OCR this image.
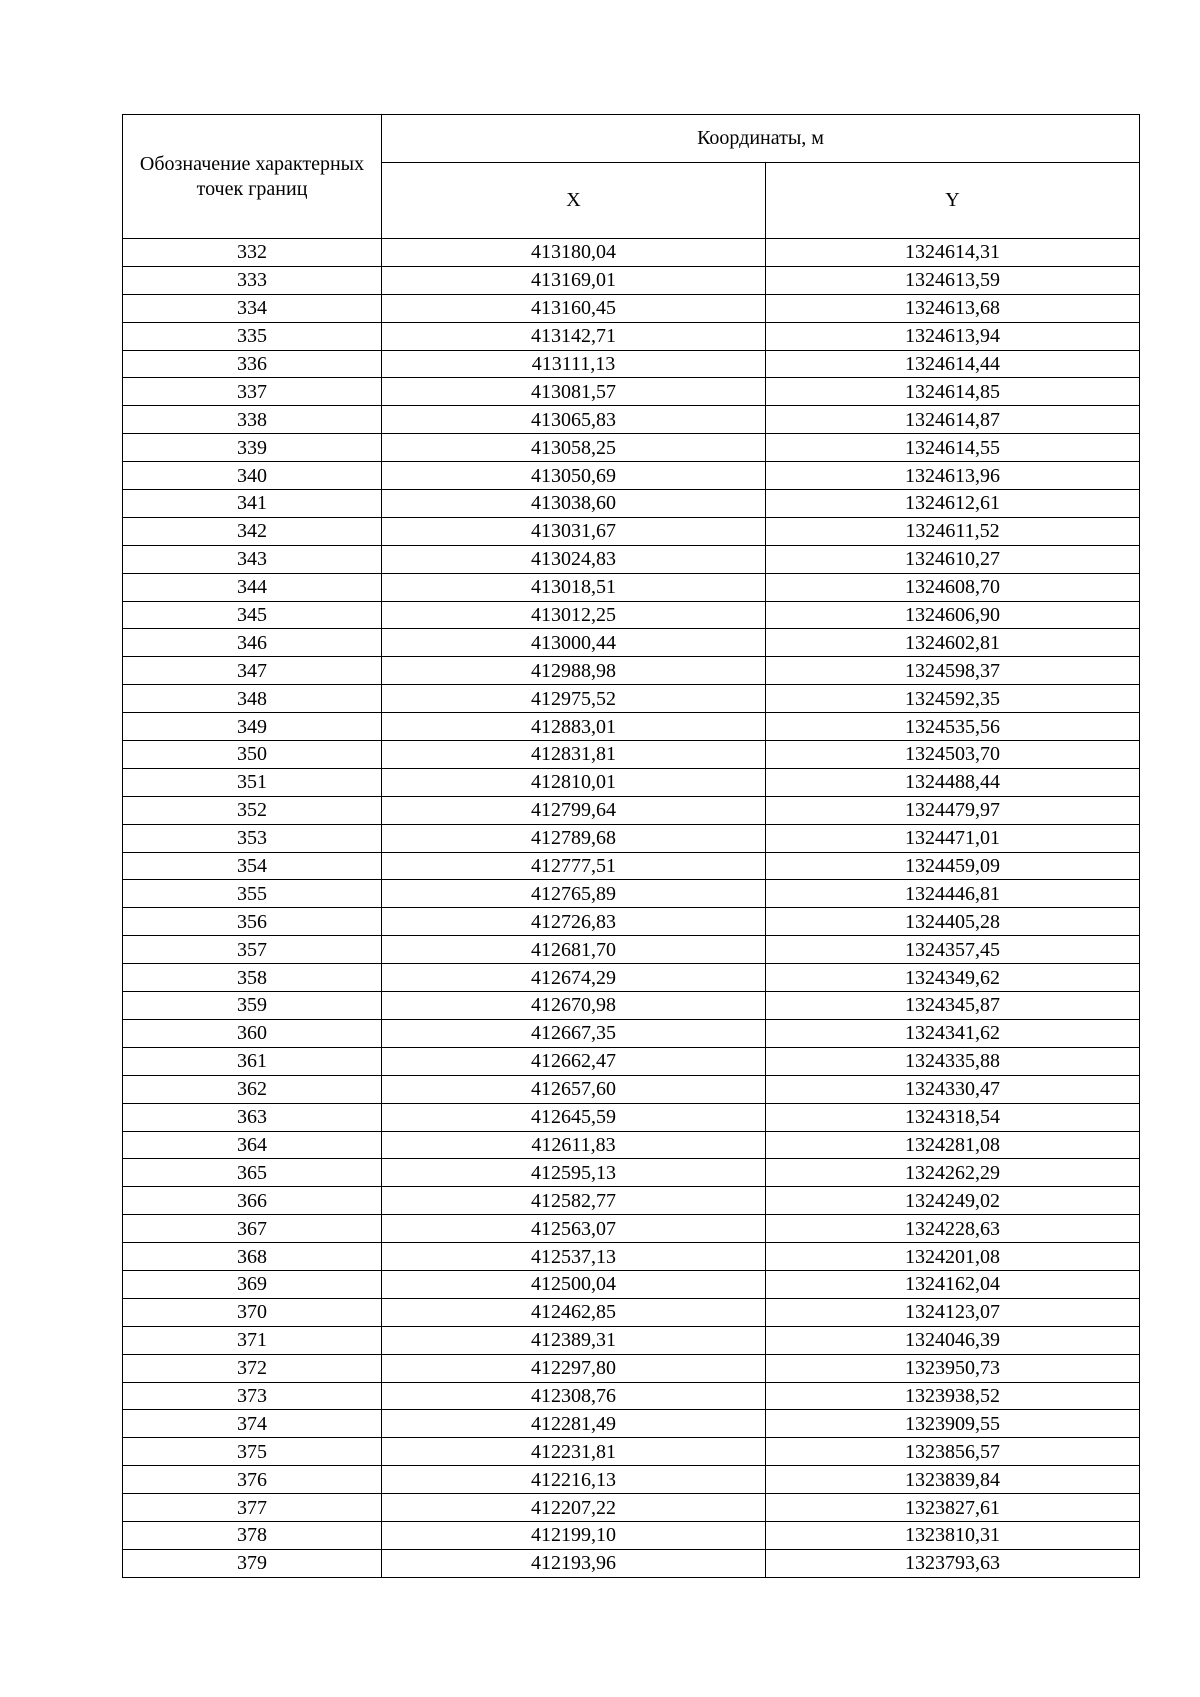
Обозначение характерных точек границ	Координаты, м	
	X	Y
332	413180,04	1324614,31
333	413169,01	1324613,59
334	413160,45	1324613,68
335	413142,71	1324613,94
336	413111,13	1324614,44
337	413081,57	1324614,85
338	413065,83	1324614,87
339	413058,25	1324614,55
340	413050,69	1324613,96
341	413038,60	1324612,61
342	413031,67	1324611,52
343	413024,83	1324610,27
344	413018,51	1324608,70
345	413012,25	1324606,90
346	413000,44	1324602,81
347	412988,98	1324598,37
348	412975,52	1324592,35
349	412883,01	1324535,56
350	412831,81	1324503,70
351	412810,01	1324488,44
352	412799,64	1324479,97
353	412789,68	1324471,01
354	412777,51	1324459,09
355	412765,89	1324446,81
356	412726,83	1324405,28
357	412681,70	1324357,45
358	412674,29	1324349,62
359	412670,98	1324345,87
360	412667,35	1324341,62
361	412662,47	1324335,88
362	412657,60	1324330,47
363	412645,59	1324318,54
364	412611,83	1324281,08
365	412595,13	1324262,29
366	412582,77	1324249,02
367	412563,07	1324228,63
368	412537,13	1324201,08
369	412500,04	1324162,04
370	412462,85	1324123,07
371	412389,31	1324046,39
372	412297,80	1323950,73
373	412308,76	1323938,52
374	412281,49	1323909,55
375	412231,81	1323856,57
376	412216,13	1323839,84
377	412207,22	1323827,61
378	412199,10	1323810,31
379	412193,96	1323793,63
